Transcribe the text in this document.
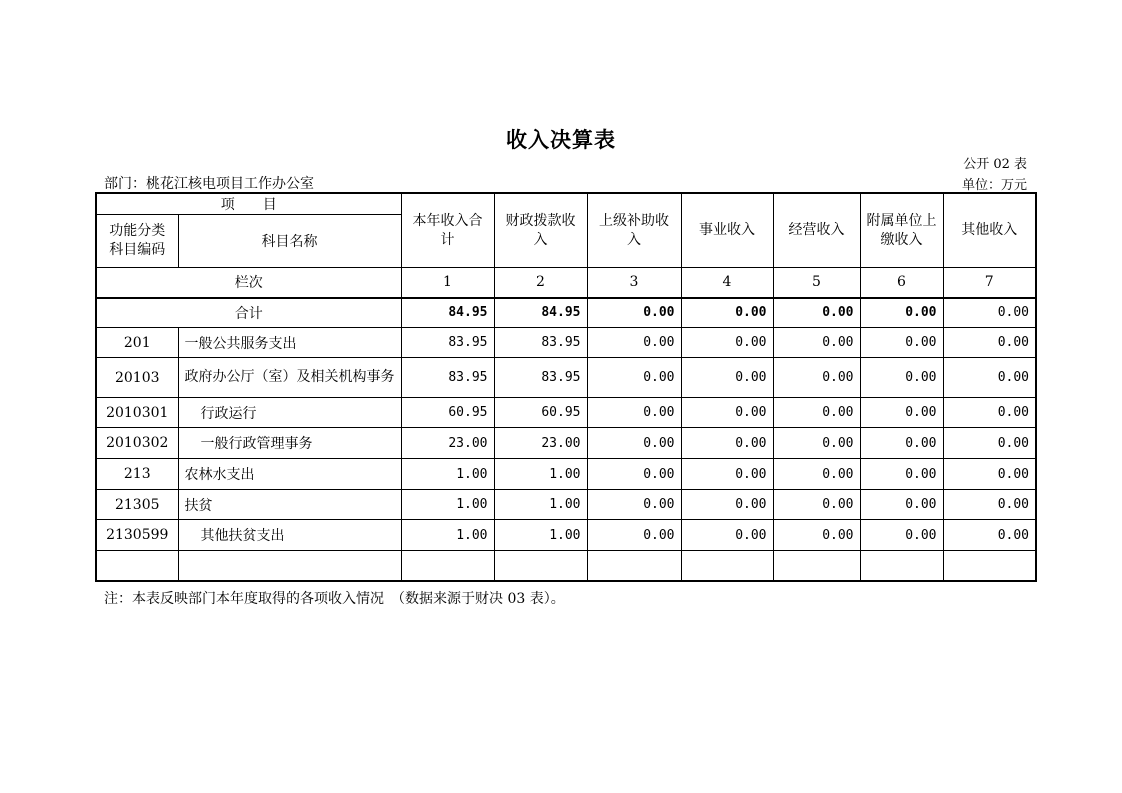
收入决算表
公开 02 表
部门：桃花江核电项目工作办公室	单位：万元
项　　目		本年收入合计	财政拨款收入	上级补助收入	事业收入	经营收入	附属单位上缴收入	其他收入
功能分类科目编码	科目名称							
栏次		1	2	3	4	5	6	7
合计		84.95	84.95	0.00	0.00	0.00	0.00	0.00
201	一般公共服务支出	83.95	83.95	0.00	0.00	0.00	0.00	0.00
20103	政府办公厅（室）及相关机构事务	83.95	83.95	0.00	0.00	0.00	0.00	0.00
2010301	行政运行	60.95	60.95	0.00	0.00	0.00	0.00	0.00
2010302	一般行政管理事务	23.00	23.00	0.00	0.00	0.00	0.00	0.00
213	农林水支出	1.00	1.00	0.00	0.00	0.00	0.00	0.00
21305	扶贫	1.00	1.00	0.00	0.00	0.00	0.00	0.00
2130599	其他扶贫支出	1.00	1.00	0.00	0.00	0.00	0.00	0.00

注：本表反映部门本年度取得的各项收入情况　（数据来源于财决 03 表）。
